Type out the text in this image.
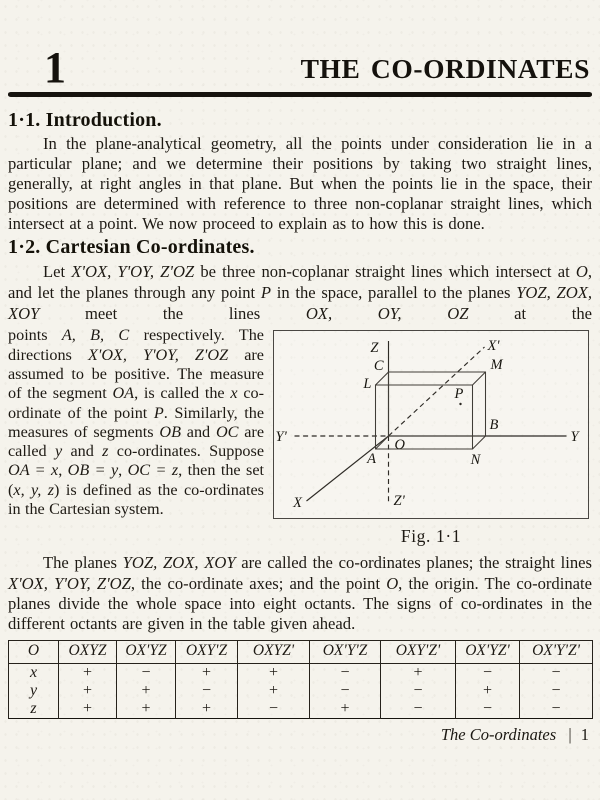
1	THE CO-ORDINATES
1·1. Introduction.

In the plane-analytical geometry, all the points under consideration lie in a particular plane; and we determine their positions by taking two straight lines, generally, at right angles in that plane. But when the points lie in the space, their positions are determined with reference to three non-coplanar straight lines, which intersect at a point. We now proceed to explain as to how this is done.

1·2. Cartesian Co-ordinates.

Let X'OX, Y'OY, Z'OZ be three non-coplanar straight lines which intersect at O, and let the planes through any point P in the space, parallel to the planes YOZ, ZOX, XOY meet the lines OX, OY, OZ at the

points A, B, C respectively. The directions X'OX, Y'OY, Z'OZ are assumed to be positive. The measure of the segment OA, is called the x co-ordinate of the point P. Similarly, the measures of segments OB and OC are called y and z co-ordinates. Suppose OA = x, OB = y, OC = z, then the set (x, y, z) is defined as the co-ordinates in the Cartesian system.
Z	X'
C
L
M
P
Y'	Y
O
B
A	N
X	Z'
Fig. 1·1

The planes YOZ, ZOX, XOY are called the co-ordinates planes; the straight lines X'OX, Y'OY, Z'OZ, the co-ordinate axes; and the point O, the origin. The co-ordinate planes divide the whole space into eight octants. The signs of co-ordinates in the different octants are given in the table given ahead.

O	OXYZ	OX'YZ	OXY'Z	OXYZ'	OX'Y'Z	OXY'Z'	OX'YZ'	OX'Y'Z'
x	+	−	+	+	−	+	−	−
y	+	+	−	+	−	−	+	−
z	+	+	+	−	+	−	−	−
The Co-ordinates | 1
